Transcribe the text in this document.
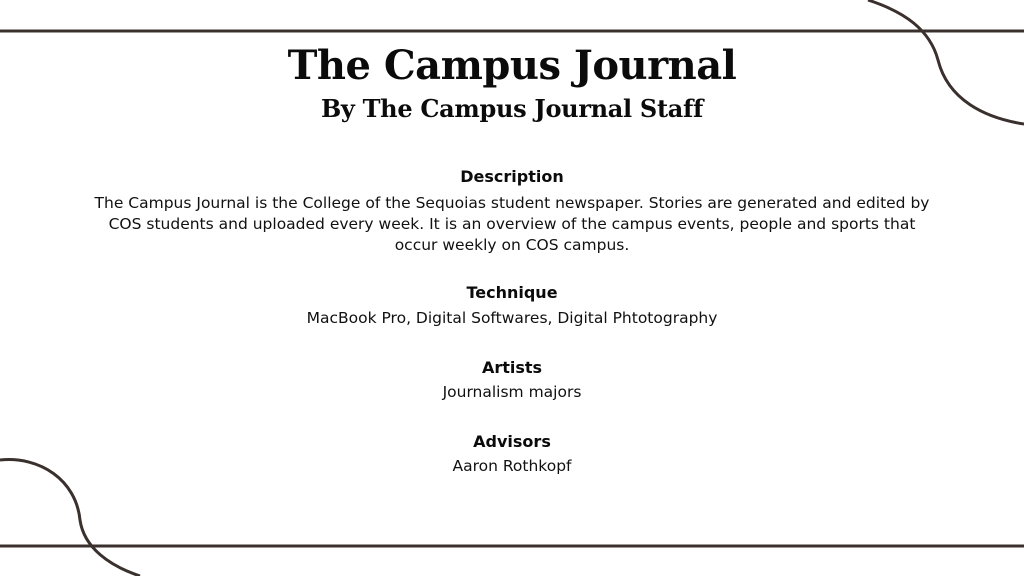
The Campus Journal
By The Campus Journal Staff
Description
The Campus Journal is the College of the Sequoias student newspaper. Stories are generated and edited by COS students and uploaded every week. It is an overview of the campus events, people and sports that occur weekly on COS campus.
Technique
MacBook Pro, Digital Softwares, Digital Phtotography
Artists
Journalism majors
Advisors
Aaron Rothkopf
